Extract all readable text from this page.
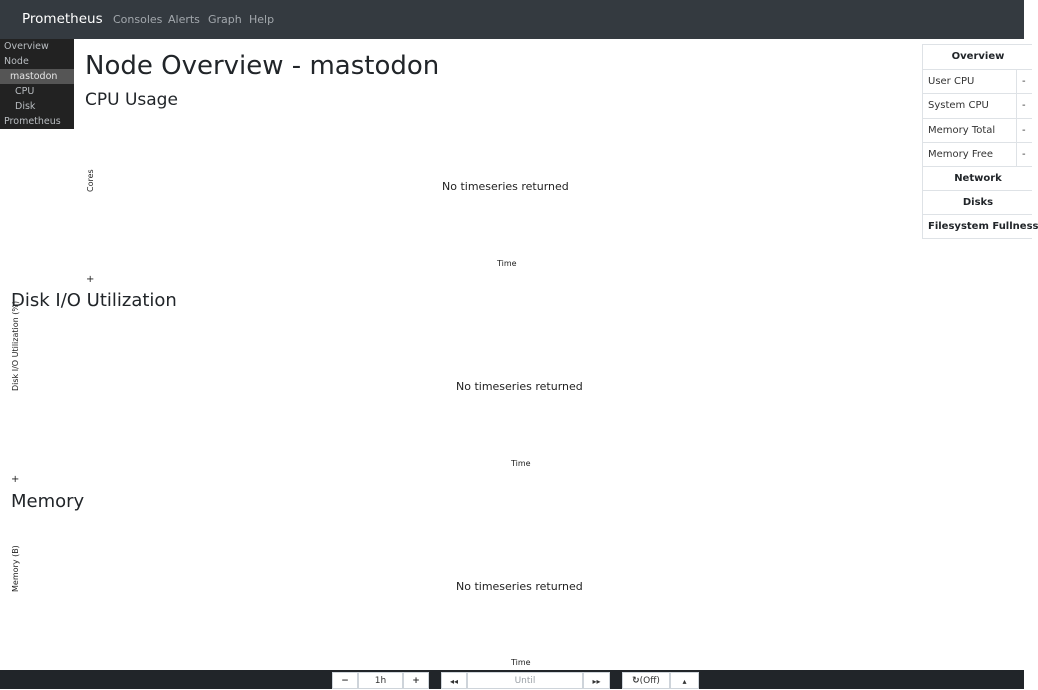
Prometheus Consoles Alerts Graph Help
Overview
Node
mastodon
CPU
Disk
Prometheus
Node Overview - mastodon
CPU Usage
Cores	No timeseries returned
Time
+
Disk I/O Utilization
Disk I/O Utilization (%)	No timeseries returned
Time
+
Memory
Memory (B)	No timeseries returned
Time
Overview
User CPU	-
System CPU	-
Memory Total	-
Memory Free	-
Network
Disks
Filesystem Fullness
−	1h	+	◂◂	Until	▸▸	↻(Off)	▴
